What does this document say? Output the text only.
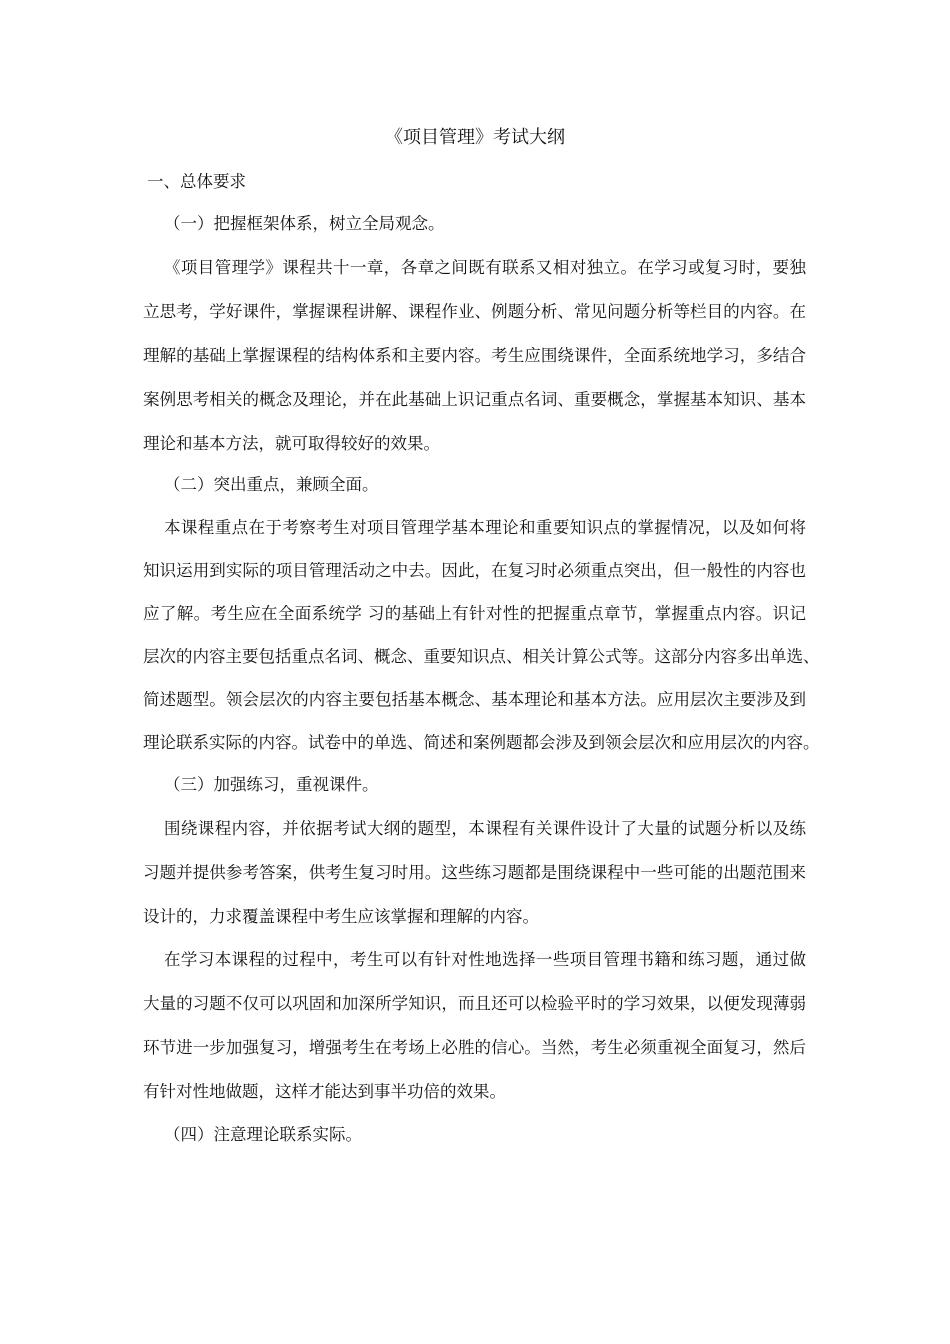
《项目管理》考试大纲
一、总体要求
（一）把握框架体系，树立全局观念。
《项目管理学》课程共十一章，各章之间既有联系又相对独立。在学习或复习时，要独
立思考，学好课件，掌握课程讲解、课程作业、例题分析、常见问题分析等栏目的内容。在
理解的基础上掌握课程的结构体系和主要内容。考生应围绕课件，全面系统地学习，多结合
案例思考相关的概念及理论，并在此基础上识记重点名词、重要概念，掌握基本知识、基本
理论和基本方法，就可取得较好的效果。
（二）突出重点，兼顾全面。
本课程重点在于考察考生对项目管理学基本理论和重要知识点的掌握情况，以及如何将
知识运用到实际的项目管理活动之中去。因此，在复习时必须重点突出，但一般性的内容也
应了解。考生应在全面系统学 习的基础上有针对性的把握重点章节，掌握重点内容。识记
层次的内容主要包括重点名词、概念、重要知识点、相关计算公式等。这部分内容多出单选、
简述题型。领会层次的内容主要包括基本概念、基本理论和基本方法。应用层次主要涉及到
理论联系实际的内容。试卷中的单选、简述和案例题都会涉及到领会层次和应用层次的内容。
（三）加强练习，重视课件。
围绕课程内容，并依据考试大纲的题型，本课程有关课件设计了大量的试题分析以及练
习题并提供参考答案，供考生复习时用。这些练习题都是围绕课程中一些可能的出题范围来
设计的，力求覆盖课程中考生应该掌握和理解的内容。
在学习本课程的过程中，考生可以有针对性地选择一些项目管理书籍和练习题，通过做
大量的习题不仅可以巩固和加深所学知识，而且还可以检验平时的学习效果，以便发现薄弱
环节进一步加强复习，增强考生在考场上必胜的信心。当然，考生必须重视全面复习，然后
有针对性地做题，这样才能达到事半功倍的效果。
（四）注意理论联系实际。
